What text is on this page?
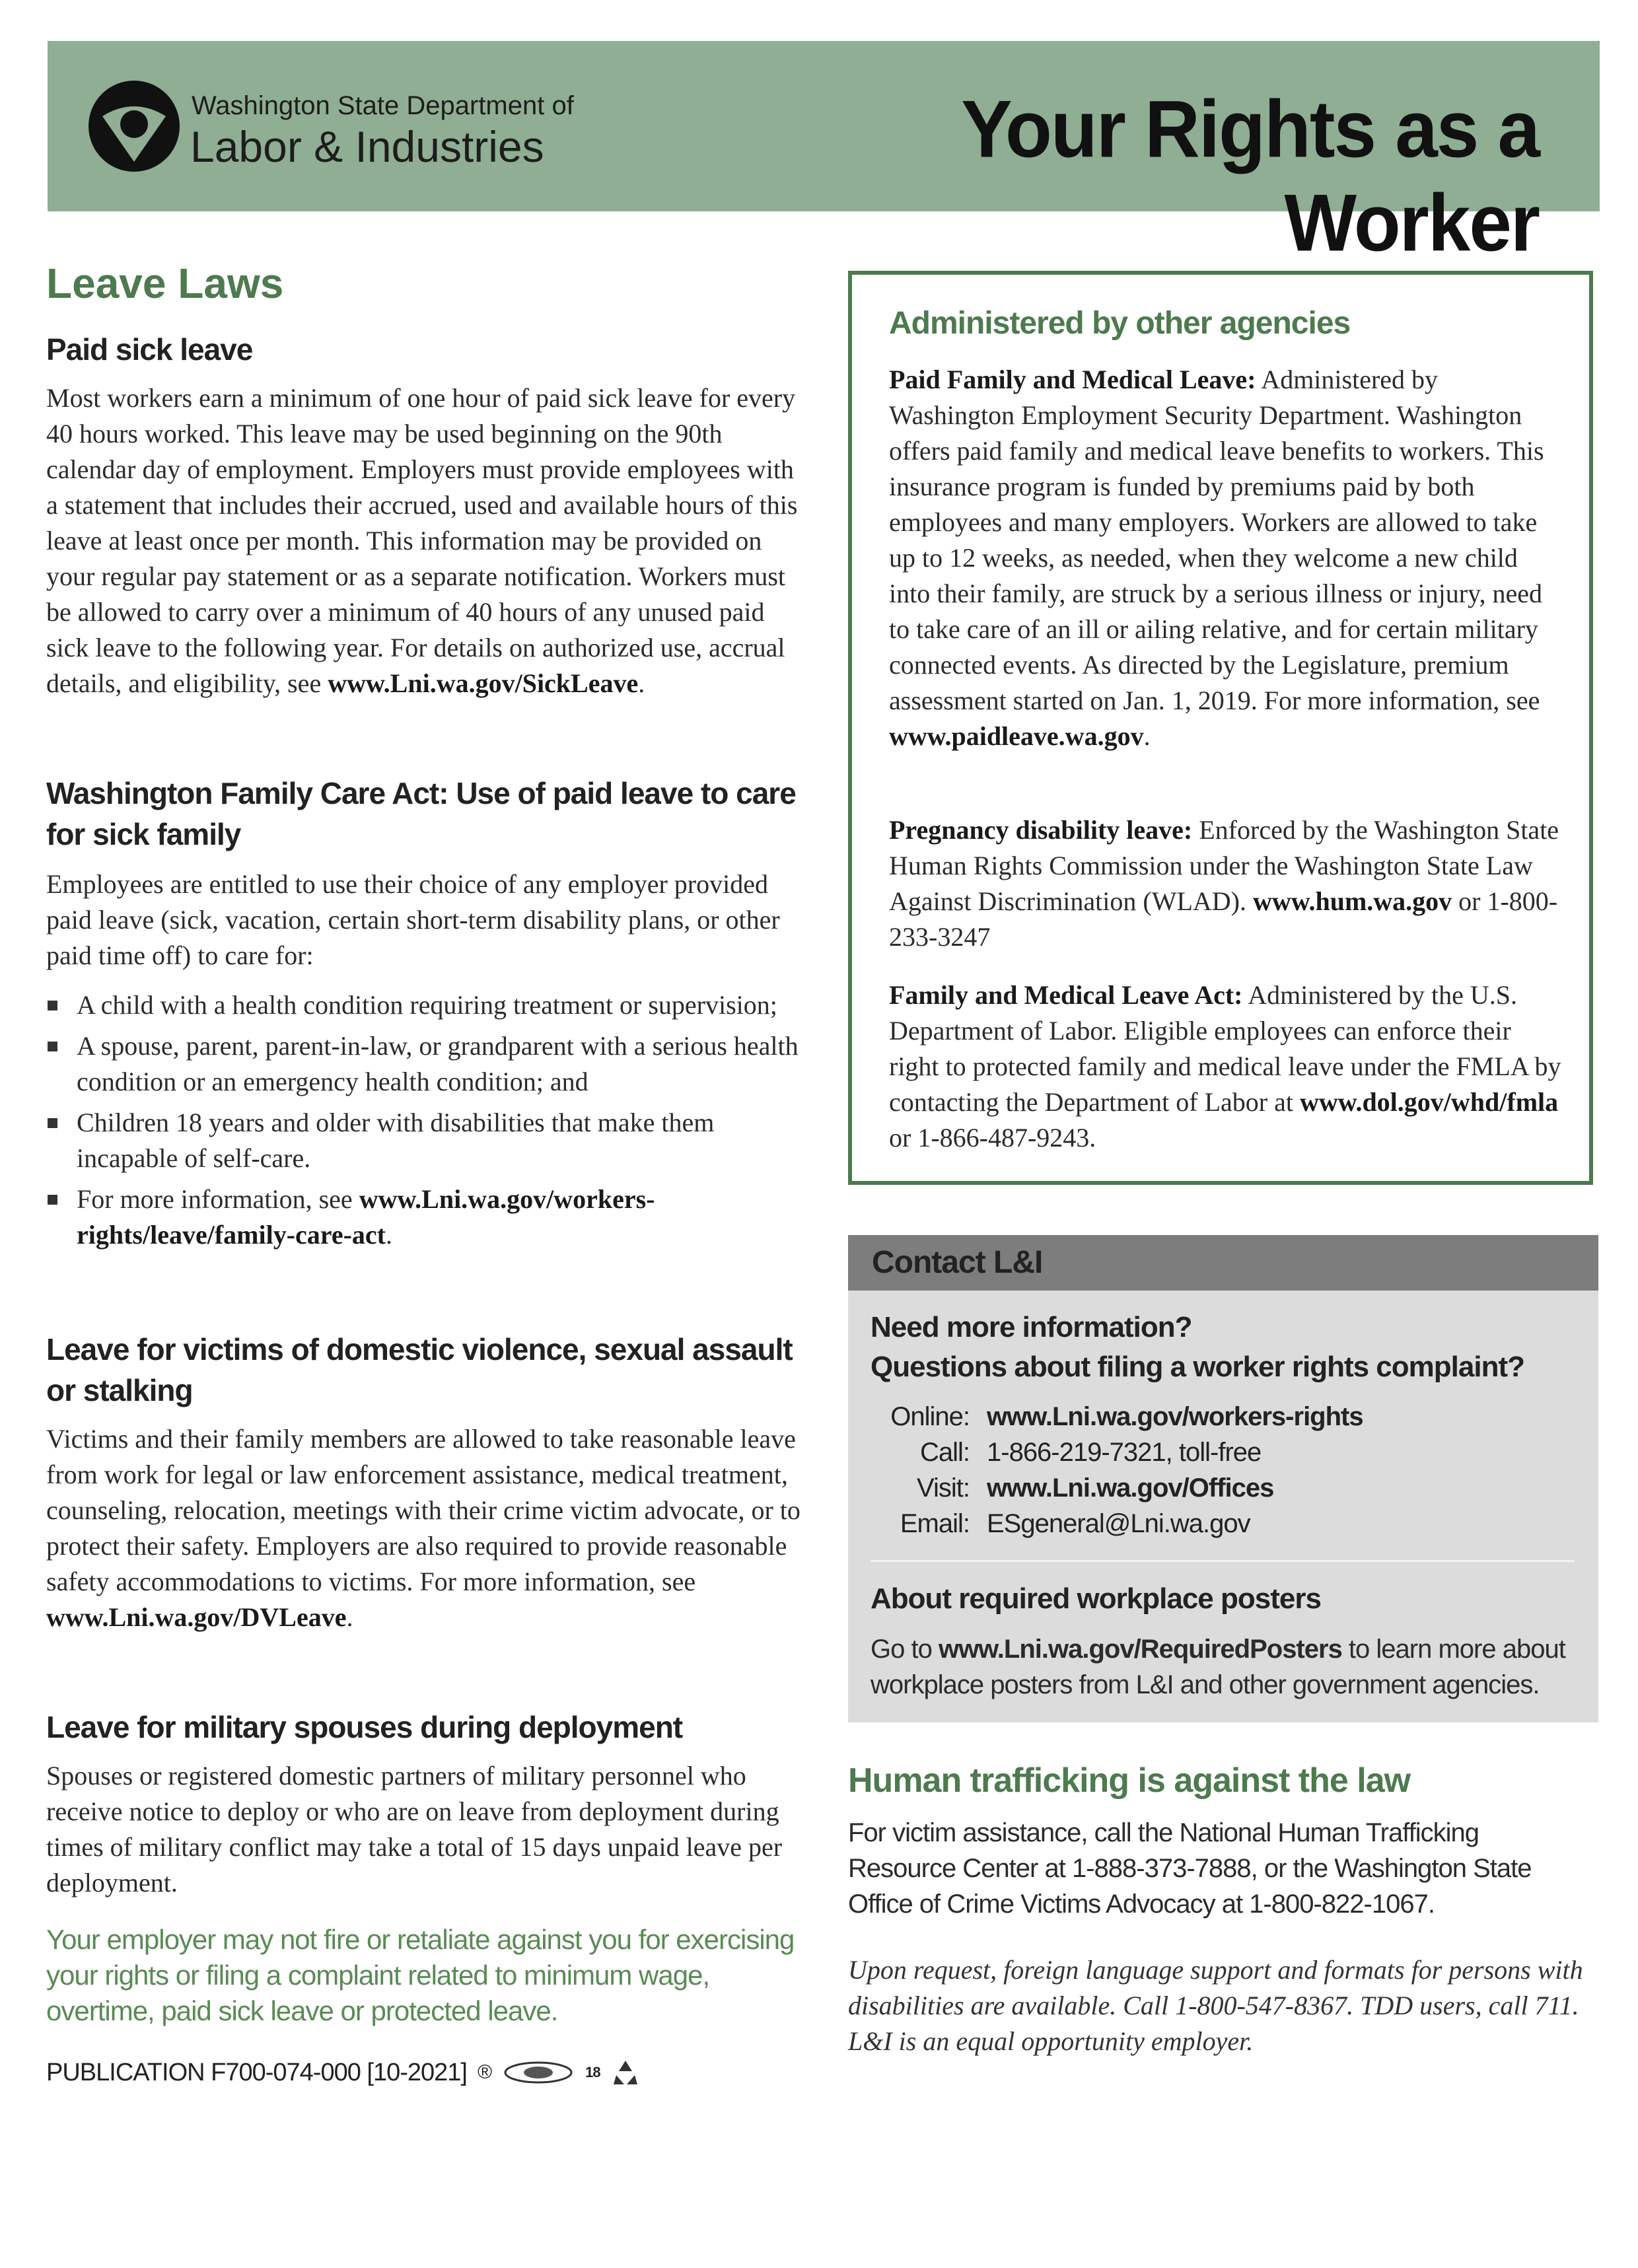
Washington State Department of
Labor & Industries	Your Rights as a Worker
Leave Laws
Paid sick leave
Most workers earn a minimum of one hour of paid sick leave for every 40 hours worked. This leave may be used beginning on the 90th calendar day of employment. Employers must provide employees with a statement that includes their accrued, used and available hours of this leave at least once per month. This information may be provided on your regular pay statement or as a separate notification. Workers must be allowed to carry over a minimum of 40 hours of any unused paid sick leave to the following year. For details on authorized use, accrual details, and eligibility, see www.Lni.wa.gov/SickLeave.
Washington Family Care Act: Use of paid leave to care for sick family
Employees are entitled to use their choice of any employer provided paid leave (sick, vacation, certain short-term disability plans, or other paid time off) to care for:
A child with a health condition requiring treatment or supervision;
A spouse, parent, parent-in-law, or grandparent with a serious health condition or an emergency health condition; and
Children 18 years and older with disabilities that make them incapable of self-care.
For more information, see www.Lni.wa.gov/workers-rights/leave/family-care-act.
Leave for victims of domestic violence, sexual assault or stalking
Victims and their family members are allowed to take reasonable leave from work for legal or law enforcement assistance, medical treatment, counseling, relocation, meetings with their crime victim advocate, or to protect their safety. Employers are also required to provide reasonable safety accommodations to victims. For more information, see www.Lni.wa.gov/DVLeave.
Leave for military spouses during deployment
Spouses or registered domestic partners of military personnel who receive notice to deploy or who are on leave from deployment during times of military conflict may take a total of 15 days unpaid leave per deployment.
Your employer may not fire or retaliate against you for exercising your rights or filing a complaint related to minimum wage, overtime, paid sick leave or protected leave.
PUBLICATION F700-074-000 [10-2021] ®	18
Administered by other agencies
Paid Family and Medical Leave: Administered by Washington Employment Security Department. Washington offers paid family and medical leave benefits to workers. This insurance program is funded by premiums paid by both employees and many employers. Workers are allowed to take up to 12 weeks, as needed, when they welcome a new child into their family, are struck by a serious illness or injury, need to take care of an ill or ailing relative, and for certain military connected events. As directed by the Legislature, premium assessment started on Jan. 1, 2019. For more information, see www.paidleave.wa.gov.
Pregnancy disability leave: Enforced by the Washington State Human Rights Commission under the Washington State Law Against Discrimination (WLAD). www.hum.wa.gov or 1-800-233-3247
Family and Medical Leave Act: Administered by the U.S. Department of Labor. Eligible employees can enforce their right to protected family and medical leave under the FMLA by contacting the Department of Labor at www.dol.gov/whd/fmla or 1-866-487-9243.
Contact L&I
Need more information?
Questions about filing a worker rights complaint?
Online:	www.Lni.wa.gov/workers-rights
Call:	1-866-219-7321, toll-free
Visit:	www.Lni.wa.gov/Offices
Email:	ESgeneral@Lni.wa.gov
About required workplace posters
Go to www.Lni.wa.gov/RequiredPosters to learn more about workplace posters from L&I and other government agencies.
Human trafficking is against the law
For victim assistance, call the National Human Trafficking Resource Center at 1-888-373-7888, or the Washington State Office of Crime Victims Advocacy at 1-800-822-1067.
Upon request, foreign language support and formats for persons with disabilities are available. Call 1-800-547-8367. TDD users, call 711. L&I is an equal opportunity employer.
